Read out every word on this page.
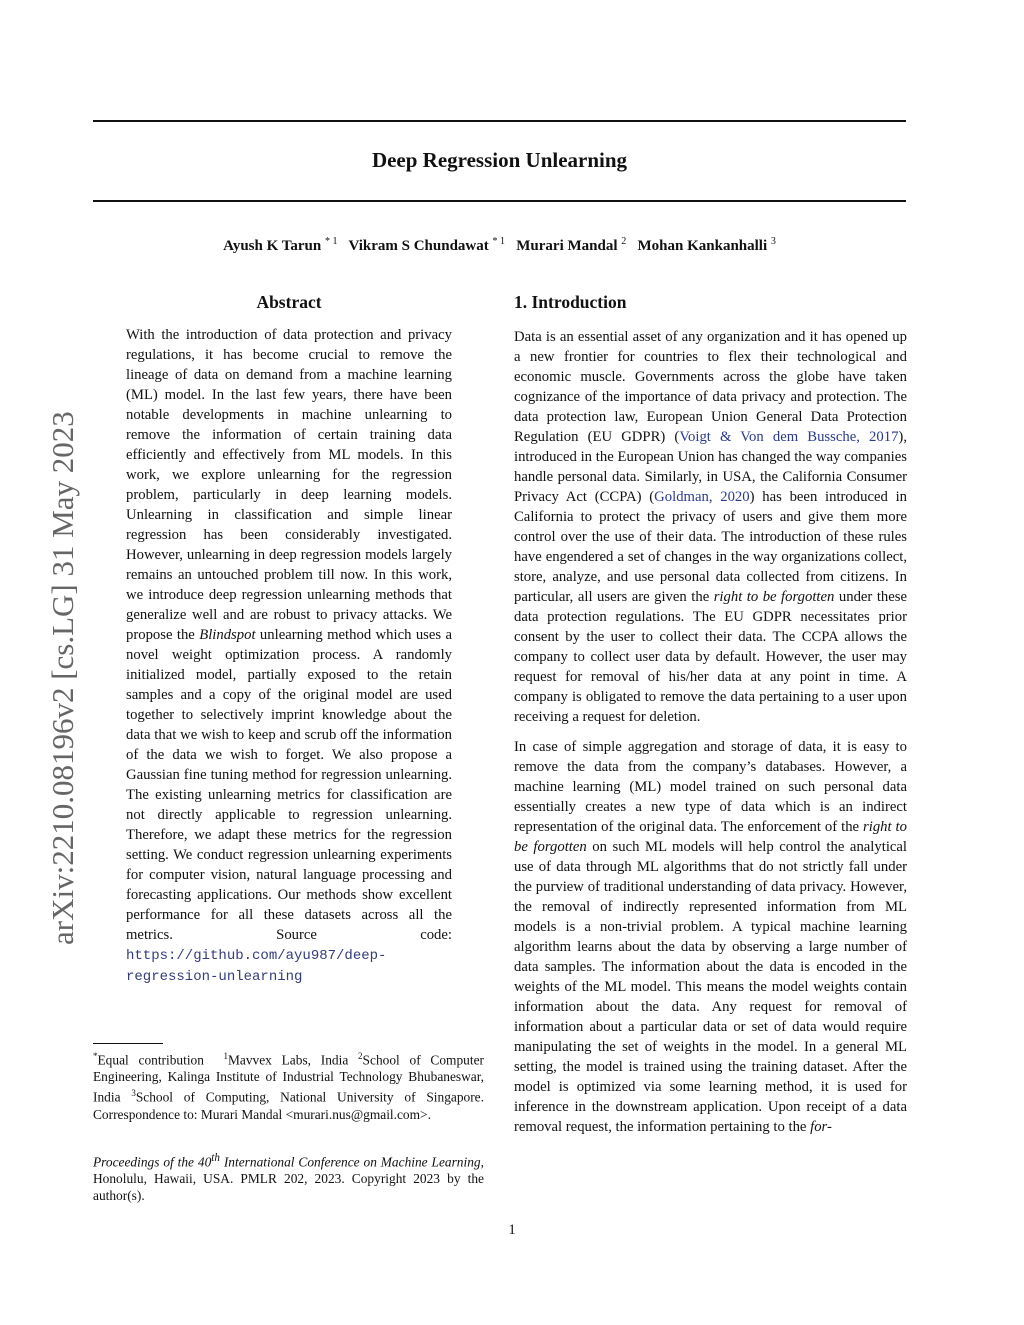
Deep Regression Unlearning
Ayush K Tarun $^{* 1}$ Vikram S Chundawat $^{* 1}$ Murari Mandal $^2$ Mohan Kankanhalli $^3$
arXiv:2210.08196v2 [cs.LG] 31 May 2023
Abstract
With the introduction of data protection and privacy regulations, it has become crucial to remove the lineage of data on demand from a machine learning (ML) model. In the last few years, there have been notable developments in machine unlearning to remove the information of certain training data efficiently and effectively from ML models. In this work, we explore unlearning for the regression problem, particularly in deep learning models. Unlearning in classification and simple linear regression has been considerably investigated. However, unlearning in deep regression models largely remains an untouched problem till now. In this work, we introduce deep regression unlearning methods that generalize well and are robust to privacy attacks. We propose the Blindspot unlearning method which uses a novel weight optimization process. A randomly initialized model, partially exposed to the retain samples and a copy of the original model are used together to selectively imprint knowledge about the data that we wish to keep and scrub off the information of the data we wish to forget. We also propose a Gaussian fine tuning method for regression unlearning. The existing unlearning metrics for classification are not directly applicable to regression unlearning. Therefore, we adapt these metrics for the regression setting. We conduct regression unlearning experiments for computer vision, natural language processing and forecasting applications. Our methods show excellent performance for all these datasets across all the metrics. Source code: https://github.com/ayu987/deep-regression-unlearning
*Equal contribution $^1$Mavvex Labs, India $^2$School of Computer Engineering, Kalinga Institute of Industrial Technology Bhubaneswar, India $^3$School of Computing, National University of Singapore. Correspondence to: Murari Mandal <murari.nus@gmail.com>.
Proceedings of the 40th International Conference on Machine Learning, Honolulu, Hawaii, USA. PMLR 202, 2023. Copyright 2023 by the author(s).
1. Introduction

Data is an essential asset of any organization and it has opened up a new frontier for countries to flex their technological and economic muscle. Governments across the globe have taken cognizance of the importance of data privacy and protection. The data protection law, European Union General Data Protection Regulation (EU GDPR) (Voigt & Von dem Bussche, 2017), introduced in the European Union has changed the way companies handle personal data. Similarly, in USA, the California Consumer Privacy Act (CCPA) (Goldman, 2020) has been introduced in California to protect the privacy of users and give them more control over the use of their data. The introduction of these rules have engendered a set of changes in the way organizations collect, store, analyze, and use personal data collected from citizens. In particular, all users are given the right to be forgotten under these data protection regulations. The EU GDPR necessitates prior consent by the user to collect their data. The CCPA allows the company to collect user data by default. However, the user may request for removal of his/her data at any point in time. A company is obligated to remove the data pertaining to a user upon receiving a request for deletion.

In case of simple aggregation and storage of data, it is easy to remove the data from the company’s databases. However, a machine learning (ML) model trained on such personal data essentially creates a new type of data which is an indirect representation of the original data. The enforcement of the right to be forgotten on such ML models will help control the analytical use of data through ML algorithms that do not strictly fall under the purview of traditional understanding of data privacy. However, the removal of indirectly represented information from ML models is a non-trivial problem. A typical machine learning algorithm learns about the data by observing a large number of data samples. The information about the data is encoded in the weights of the ML model. This means the model weights contain information about the data. Any request for removal of information about a particular data or set of data would require manipulating the set of weights in the model. In a general ML setting, the model is trained using the training dataset. After the model is optimized via some learning method, it is used for inference in the downstream application. Upon receipt of a data removal request, the information pertaining to the for-

1
